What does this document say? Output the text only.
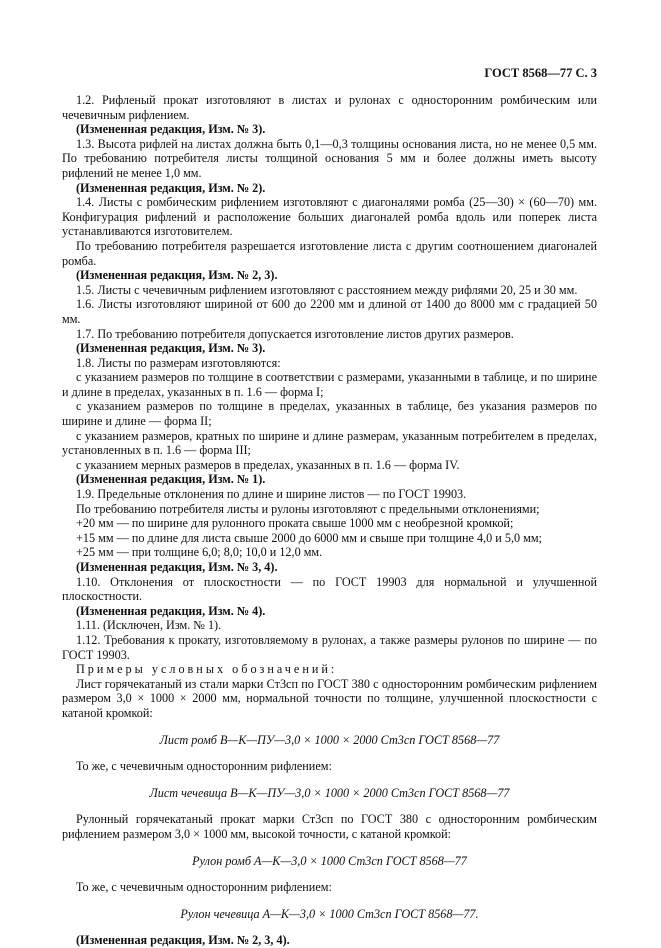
ГОСТ 8568—77 С. 3

1.2. Рифленый прокат изготовляют в листах и рулонах с односторонним ромбическим или чечевичным рифлением.

(Измененная редакция, Изм. № 3).

1.3. Высота рифлей на листах должна быть 0,1—0,3 толщины основания листа, но не менее 0,5 мм. По требованию потребителя листы толщиной основания 5 мм и более должны иметь высоту рифлений не менее 1,0 мм.

(Измененная редакция, Изм. № 2).

1.4. Листы с ромбическим рифлением изготовляют с диагоналями ромба (25—30) × (60—70) мм. Конфигурация рифлений и расположение больших диагоналей ромба вдоль или поперек листа устанавливаются изготовителем.

По требованию потребителя разрешается изготовление листа с другим соотношением диагоналей ромба.

(Измененная редакция, Изм. № 2, 3).

1.5. Листы с чечевичным рифлением изготовляют с расстоянием между рифлями 20, 25 и 30 мм.

1.6. Листы изготовляют шириной от 600 до 2200 мм и длиной от 1400 до 8000 мм с градацией 50 мм.

1.7. По требованию потребителя допускается изготовление листов других размеров.

(Измененная редакция, Изм. № 3).

1.8. Листы по размерам изготовляются:

с указанием размеров по толщине в соответствии с размерами, указанными в таблице, и по ширине и длине в пределах, указанных в п. 1.6 — форма I;

с указанием размеров по толщине в пределах, указанных в таблице, без указания размеров по ширине и длине — форма II;

с указанием размеров, кратных по ширине и длине размерам, указанным потребителем в пределах, установленных в п. 1.6 — форма III;

с указанием мерных размеров в пределах, указанных в п. 1.6 — форма IV.

(Измененная редакция, Изм. № 1).

1.9. Предельные отклонения по длине и ширине листов — по ГОСТ 19903.

По требованию потребителя листы и рулоны изготовляют с предельными отклонениями;

+20 мм — по ширине для рулонного проката свыше 1000 мм с необрезной кромкой;

+15 мм — по длине для листа свыше 2000 до 6000 мм и свыше при толщине 4,0 и 5,0 мм;

+25 мм — при толщине 6,0; 8,0; 10,0 и 12,0 мм.

(Измененная редакция, Изм. № 3, 4).

1.10. Отклонения от плоскостности — по ГОСТ 19903 для нормальной и улучшенной плоскостности.

(Измененная редакция, Изм. № 4).

1.11. (Исключен, Изм. № 1).

1.12. Требования к прокату, изготовляемому в рулонах, а также размеры рулонов по ширине — по ГОСТ 19903.

Примеры условных обозначений:

Лист горячекатаный из стали марки Ст3сп по ГОСТ 380 с односторонним ромбическим рифлением размером 3,0 × 1000 × 2000 мм, нормальной точности по толщине, улучшенной плоскостности с катаной кромкой:

Лист ромб В—К—ПУ—3,0 × 1000 × 2000 Ст3сп ГОСТ 8568—77

То же, с чечевичным односторонним рифлением:

Лист чечевица В—К—ПУ—3,0 × 1000 × 2000 Ст3сп ГОСТ 8568—77

Рулонный горячекатаный прокат марки Ст3сп по ГОСТ 380 с односторонним ромбическим рифлением размером 3,0 × 1000 мм, высокой точности, с катаной кромкой:

Рулон ромб А—К—3,0 × 1000 Ст3сп ГОСТ 8568—77

То же, с чечевичным односторонним рифлением:

Рулон чечевица А—К—3,0 × 1000 Ст3сп ГОСТ 8568—77.

(Измененная редакция, Изм. № 2, 3, 4).
